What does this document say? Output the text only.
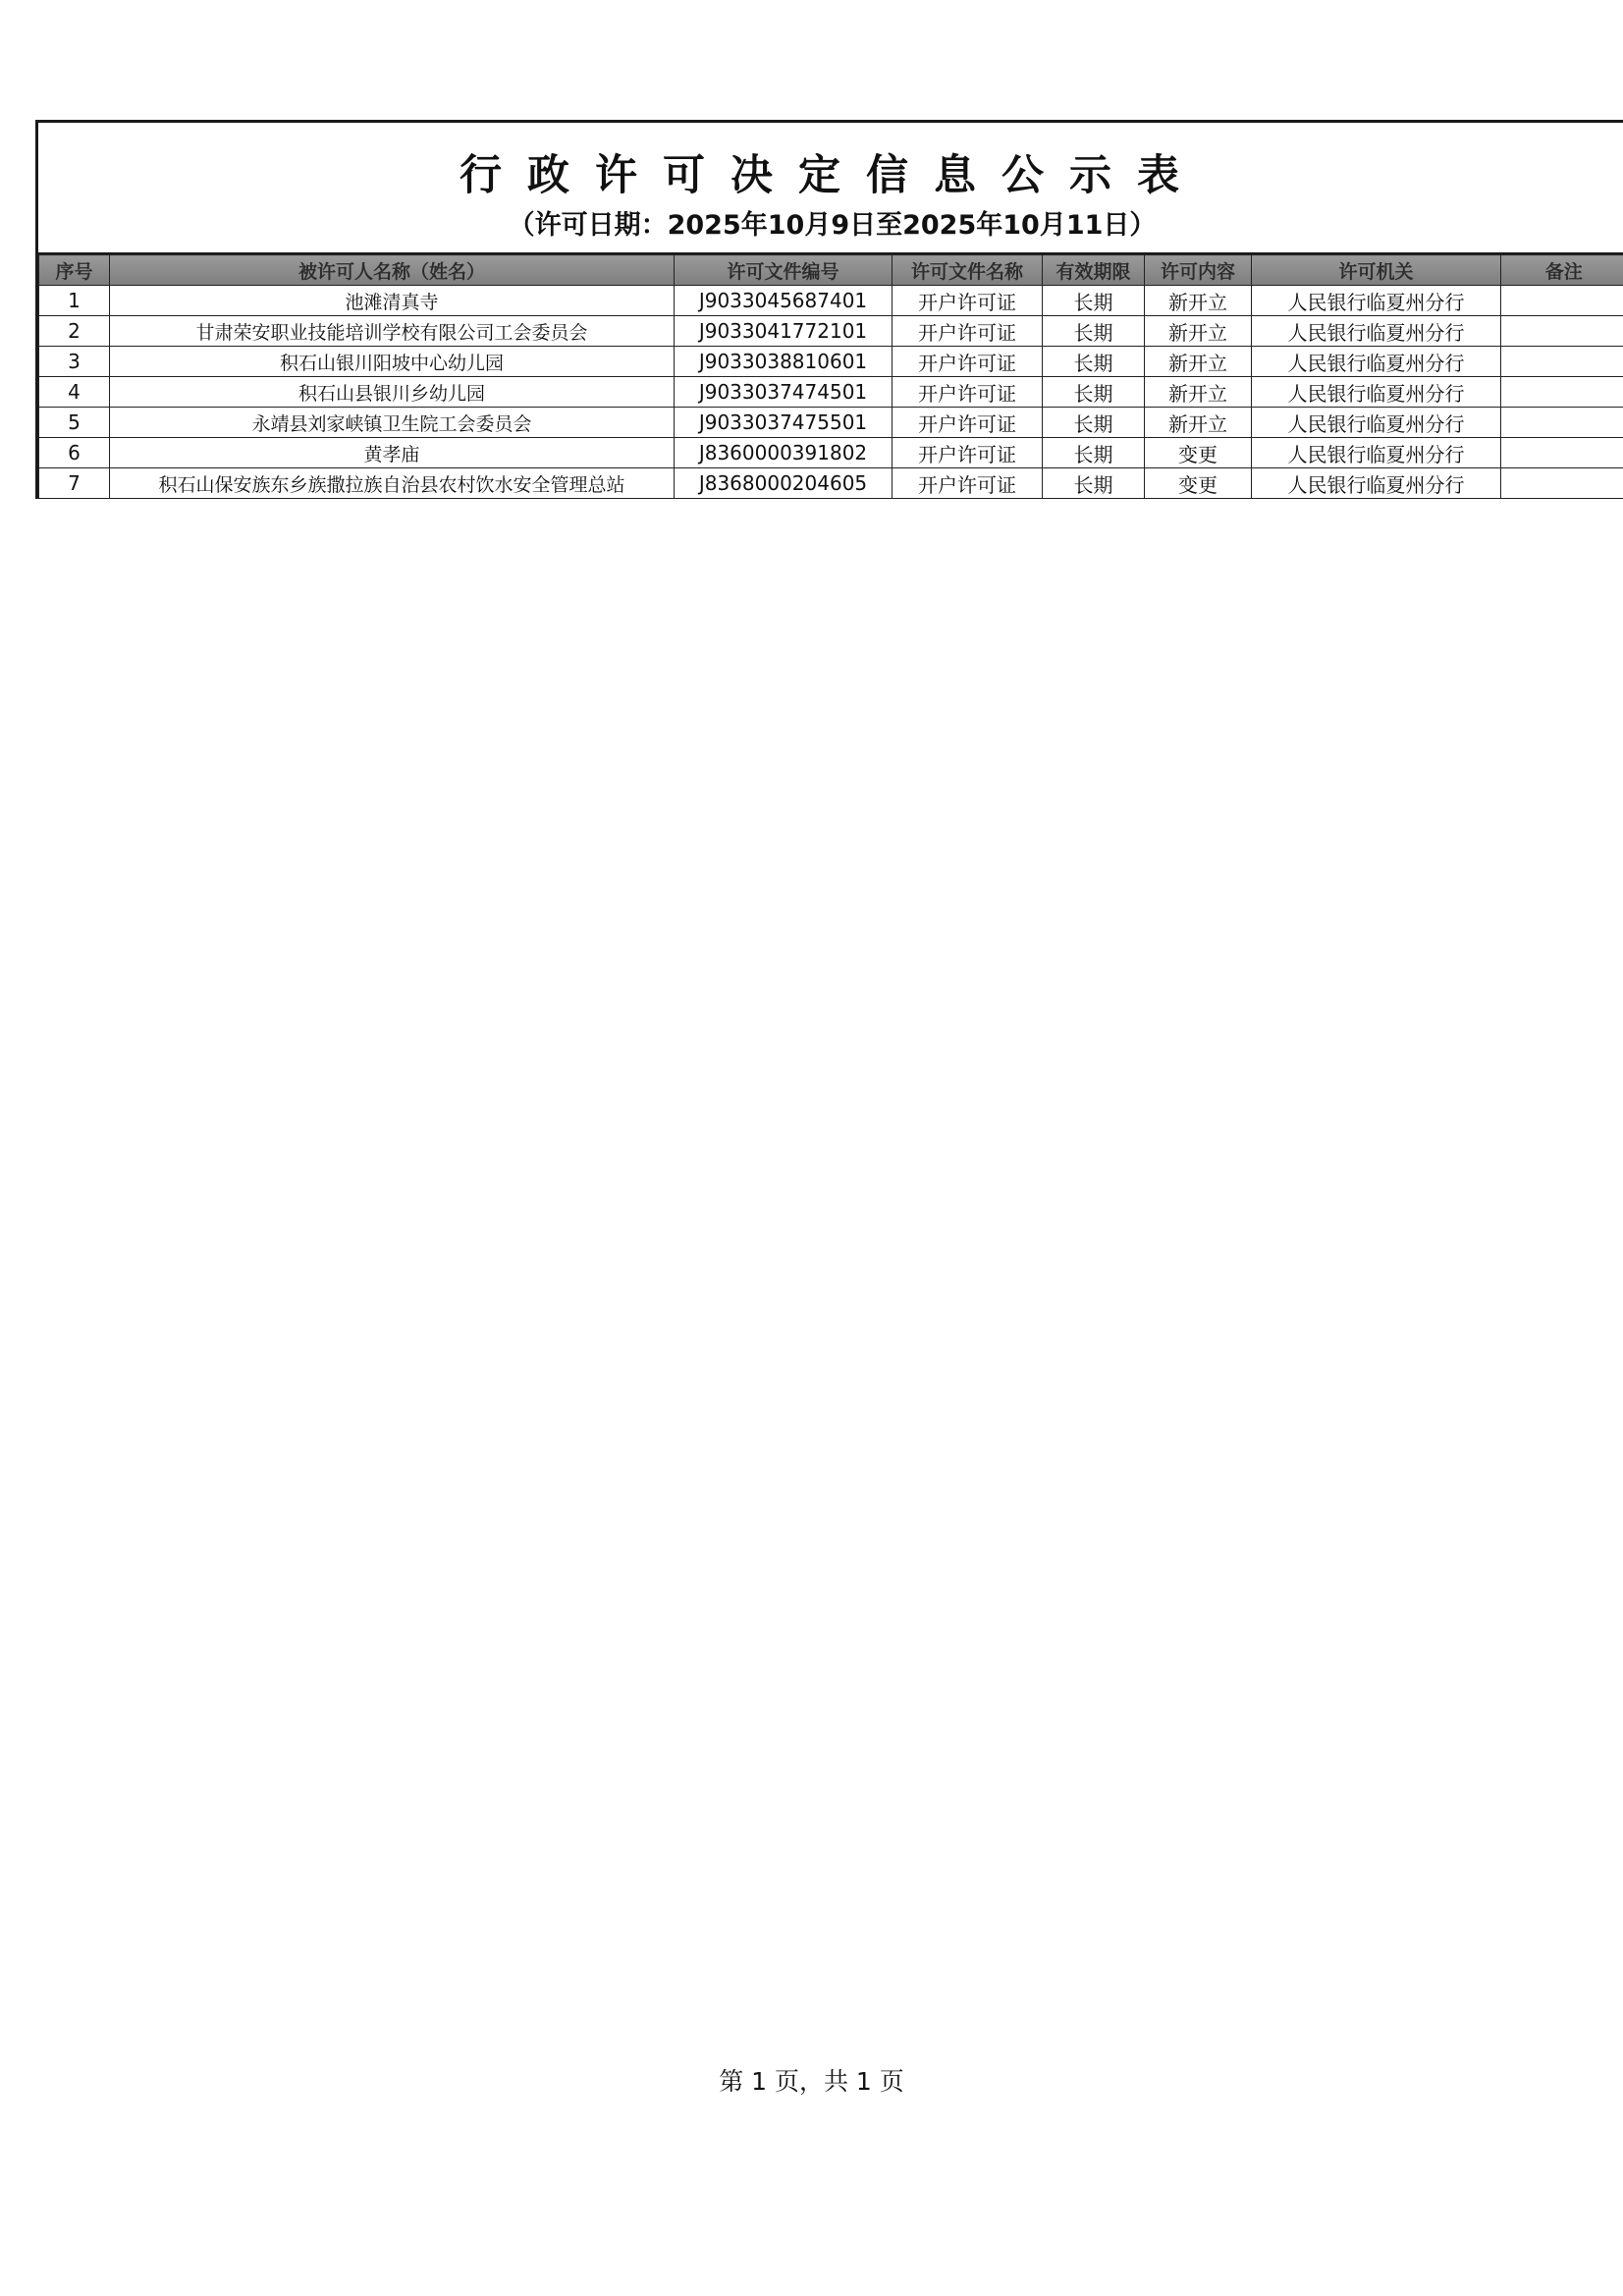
行政许可决定信息公示表
（许可日期：2025年10月9日至2025年10月11日）
序号	被许可人名称（姓名）	许可文件编号	许可文件名称	有效期限	许可内容	许可机关	备注
1	池滩清真寺	J9033045687401	开户许可证	长期	新开立	人民银行临夏州分行	
2	甘肃荣安职业技能培训学校有限公司工会委员会	J9033041772101	开户许可证	长期	新开立	人民银行临夏州分行	
3	积石山银川阳坡中心幼儿园	J9033038810601	开户许可证	长期	新开立	人民银行临夏州分行	
4	积石山县银川乡幼儿园	J9033037474501	开户许可证	长期	新开立	人民银行临夏州分行	
5	永靖县刘家峡镇卫生院工会委员会	J9033037475501	开户许可证	长期	新开立	人民银行临夏州分行	
6	黄孝庙	J8360000391802	开户许可证	长期	变更	人民银行临夏州分行	
7	积石山保安族东乡族撒拉族自治县农村饮水安全管理总站	J8368000204605	开户许可证	长期	变更	人民银行临夏州分行	
第 1 页，共 1 页
